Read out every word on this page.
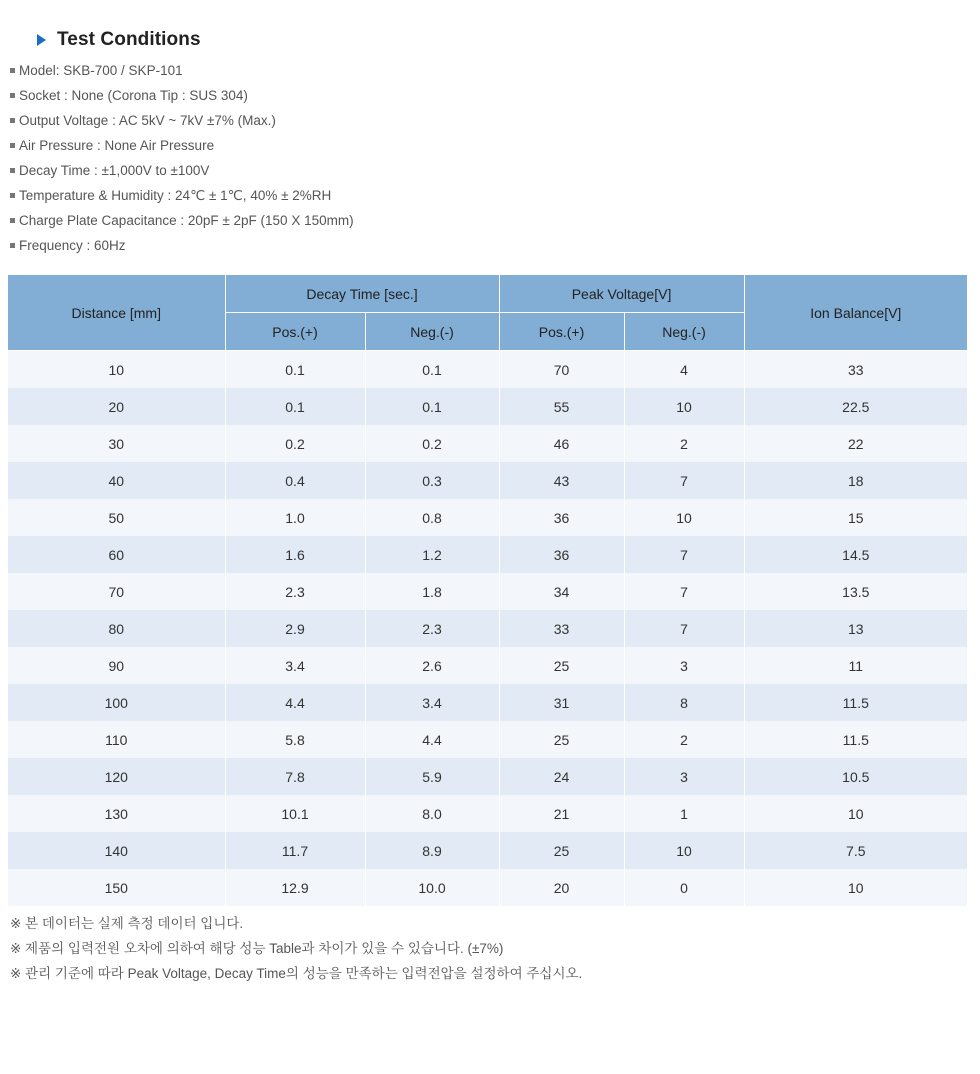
Test Conditions
Model: SKB-700 / SKP-101
Socket : None (Corona Tip : SUS 304)
Output Voltage : AC 5kV ~ 7kV ±7% (Max.)
Air Pressure : None Air Pressure
Decay Time : ±1,000V to ±100V
Temperature & Humidity : 24℃ ± 1℃, 40% ± 2%RH
Charge Plate Capacitance : 20pF ± 2pF (150 X 150mm)
Frequency : 60Hz
Distance [mm]	Decay Time [sec.]		Peak Voltage[V]		Ion Balance[V]
	Pos.(+)	Neg.(-)	Pos.(+)	Neg.(-)	
10	0.1	0.1	70	4	33
20	0.1	0.1	55	10	22.5
30	0.2	0.2	46	2	22
40	0.4	0.3	43	7	18
50	1.0	0.8	36	10	15
60	1.6	1.2	36	7	14.5
70	2.3	1.8	34	7	13.5
80	2.9	2.3	33	7	13
90	3.4	2.6	25	3	11
100	4.4	3.4	31	8	11.5
110	5.8	4.4	25	2	11.5
120	7.8	5.9	24	3	10.5
130	10.1	8.0	21	1	10
140	11.7	8.9	25	10	7.5
150	12.9	10.0	20	0	10
※ 본 데이터는 실제 측정 데이터 입니다.
※ 제품의 입력전원 오차에 의하여 해당 성능 Table과 차이가 있을 수 있습니다. (±7%)
※ 관리 기준에 따라 Peak Voltage, Decay Time의 성능을 만족하는 입력전압을 설정하여 주십시오.
